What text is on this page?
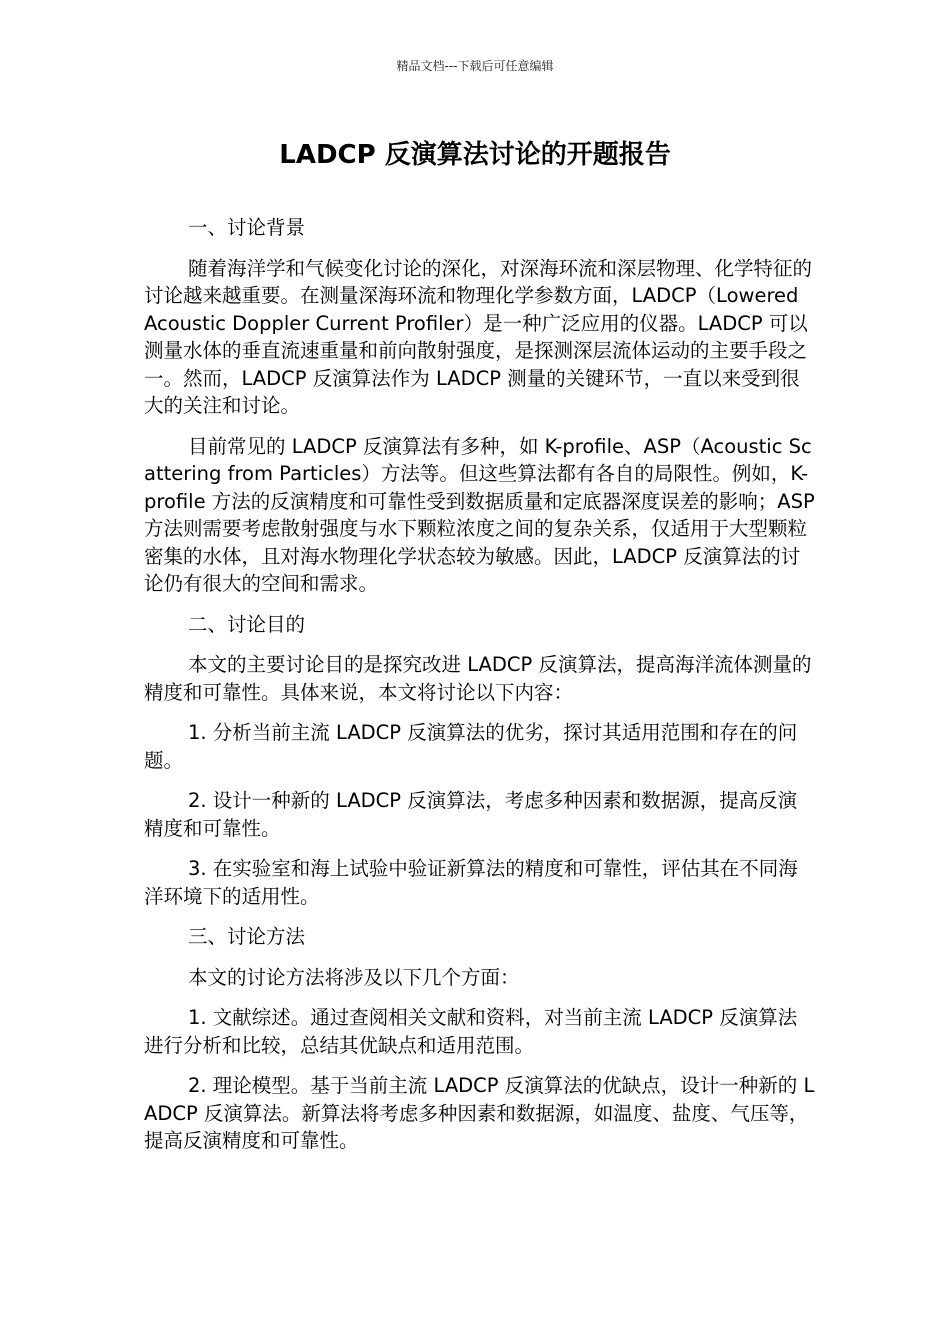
精品文档---下载后可任意编辑
LADCP 反演算法讨论的开题报告

一、讨论背景

随着海洋学和气候变化讨论的深化，对深海环流和深层物理、化学特征的讨论越来越重要。在测量深海环流和物理化学参数方面，LADCP（Lowered Acoustic Doppler Current Profiler）是一种广泛应用的仪器。LADCP 可以测量水体的垂直流速重量和前向散射强度，是探测深层流体运动的主要手段之一。然而，LADCP 反演算法作为 LADCP 测量的关键环节，一直以来受到很大的关注和讨论。

目前常见的 LADCP 反演算法有多种，如 K-profile、ASP（Acoustic Scattering from Particles）方法等。但这些算法都有各自的局限性。例如，K-profile 方法的反演精度和可靠性受到数据质量和定底器深度误差的影响；ASP 方法则需要考虑散射强度与水下颗粒浓度之间的复杂关系，仅适用于大型颗粒密集的水体，且对海水物理化学状态较为敏感。因此，LADCP 反演算法的讨论仍有很大的空间和需求。

二、讨论目的

本文的主要讨论目的是探究改进 LADCP 反演算法，提高海洋流体测量的精度和可靠性。具体来说，本文将讨论以下内容：

1. 分析当前主流 LADCP 反演算法的优劣，探讨其适用范围和存在的问题。

2. 设计一种新的 LADCP 反演算法，考虑多种因素和数据源，提高反演精度和可靠性。

3. 在实验室和海上试验中验证新算法的精度和可靠性，评估其在不同海洋环境下的适用性。

三、讨论方法

本文的讨论方法将涉及以下几个方面：

1. 文献综述。通过查阅相关文献和资料，对当前主流 LADCP 反演算法进行分析和比较，总结其优缺点和适用范围。

2. 理论模型。基于当前主流 LADCP 反演算法的优缺点，设计一种新的 LADCP 反演算法。新算法将考虑多种因素和数据源，如温度、盐度、气压等，提高反演精度和可靠性。
